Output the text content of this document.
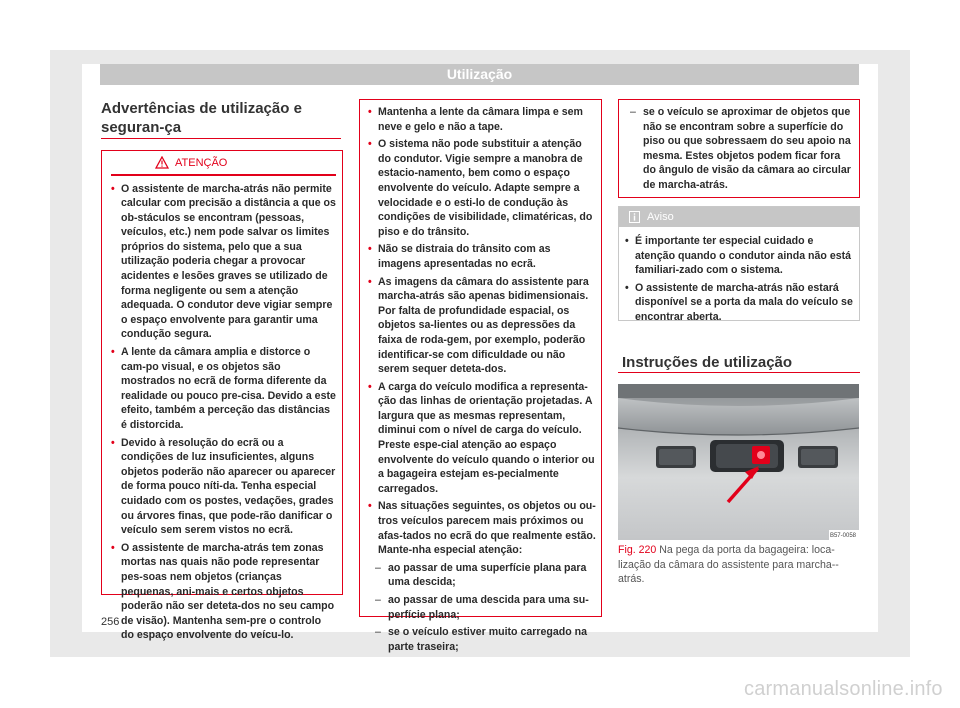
Utilização
Advertências de utilização e seguran-ça
ATENÇÃO
• O assistente de marcha-atrás não permite calcular com precisão a distância a que os ob-stáculos se encontram (pessoas, veículos, etc.) nem pode salvar os limites próprios do sistema, pelo que a sua utilização poderia chegar a provocar acidentes e lesões graves se utilizado de forma negligente ou sem a atenção adequada. O condutor deve vigiar sempre o espaço envolvente para garantir uma condução segura.
• A lente da câmara amplia e distorce o cam-po visual, e os objetos são mostrados no ecrã de forma diferente da realidade ou pouco pre-cisa. Devido a este efeito, também a perceção das distâncias é distorcida.
• Devido à resolução do ecrã ou a condições de luz insuficientes, alguns objetos poderão não aparecer ou aparecer de forma pouco níti-da. Tenha especial cuidado com os postes, vedações, grades ou árvores finas, que pode-rão danificar o veículo sem serem vistos no ecrã.
• O assistente de marcha-atrás tem zonas mortas nas quais não pode representar pes-soas nem objetos (crianças pequenas, ani-mais e certos objetos poderão não ser deteta-dos no seu campo de visão). Mantenha sem-pre o controlo do espaço envolvente do veícu-lo.
• Mantenha a lente da câmara limpa e sem neve e gelo e não a tape.
• O sistema não pode substituir a atenção do condutor. Vigie sempre a manobra de estacio-namento, bem como o espaço envolvente do veículo. Adapte sempre a velocidade e o esti-lo de condução às condições de visibilidade, climatéricas, do piso e do trânsito.
• Não se distraia do trânsito com as imagens apresentadas no ecrã.
• As imagens da câmara do assistente para marcha-atrás são apenas bidimensionais. Por falta de profundidade espacial, os objetos sa-lientes ou as depressões da faixa de roda-gem, por exemplo, poderão identificar-se com dificuldade ou não serem sequer deteta-dos.
• A carga do veículo modifica a representa-ção das linhas de orientação projetadas. A largura que as mesmas representam, diminui com o nível de carga do veículo. Preste espe-cial atenção ao espaço envolvente do veículo quando o interior ou a bagageira estejam es-pecialmente carregados.
• Nas situações seguintes, os objetos ou ou-tros veículos parecem mais próximos ou afas-tados no ecrã do que realmente estão. Mante-nha especial atenção:
– ao passar de uma superfície plana para uma descida;
– ao passar de uma descida para uma su-perfície plana;
– se o veículo estiver muito carregado na parte traseira;
– se o veículo se aproximar de objetos que não se encontram sobre a superfície do piso ou que sobressaem do seu apoio na mesma. Estes objetos podem ficar fora do ângulo de visão da câmara ao circular de marcha-atrás.
Aviso
• É importante ter especial cuidado e atenção quando o condutor ainda não está familiari-zado com o sistema.
• O assistente de marcha-atrás não estará disponível se a porta da mala do veículo se encontrar aberta.
Instruções de utilização
B57-0058
Fig. 220 Na pega da porta da bagageira: loca-lização da câmara do assistente para marcha--atrás.
256
carmanualsonline.info
